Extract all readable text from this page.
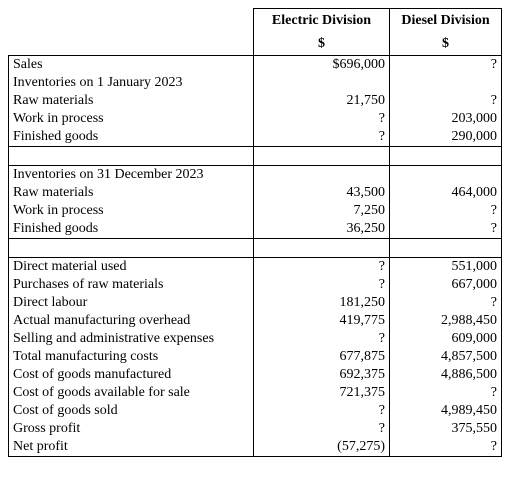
	Electric Division	Diesel Division
	$	$
Sales	$696,000	?
Inventories on 1 January 2023		
Raw materials	21,750	?
Work in process	?	203,000
Finished goods	?	290,000

Inventories on 31 December 2023		
Raw materials	43,500	464,000
Work in process	7,250	?
Finished goods	36,250	?

Direct material used	?	551,000
Purchases of raw materials	?	667,000
Direct labour	181,250	?
Actual manufacturing overhead	419,775	2,988,450
Selling and administrative expenses	?	609,000
Total manufacturing costs	677,875	4,857,500
Cost of goods manufactured	692,375	4,886,500
Cost of goods available for sale	721,375	?
Cost of goods sold	?	4,989,450
Gross profit	?	375,550
Net profit	(57,275)	?
